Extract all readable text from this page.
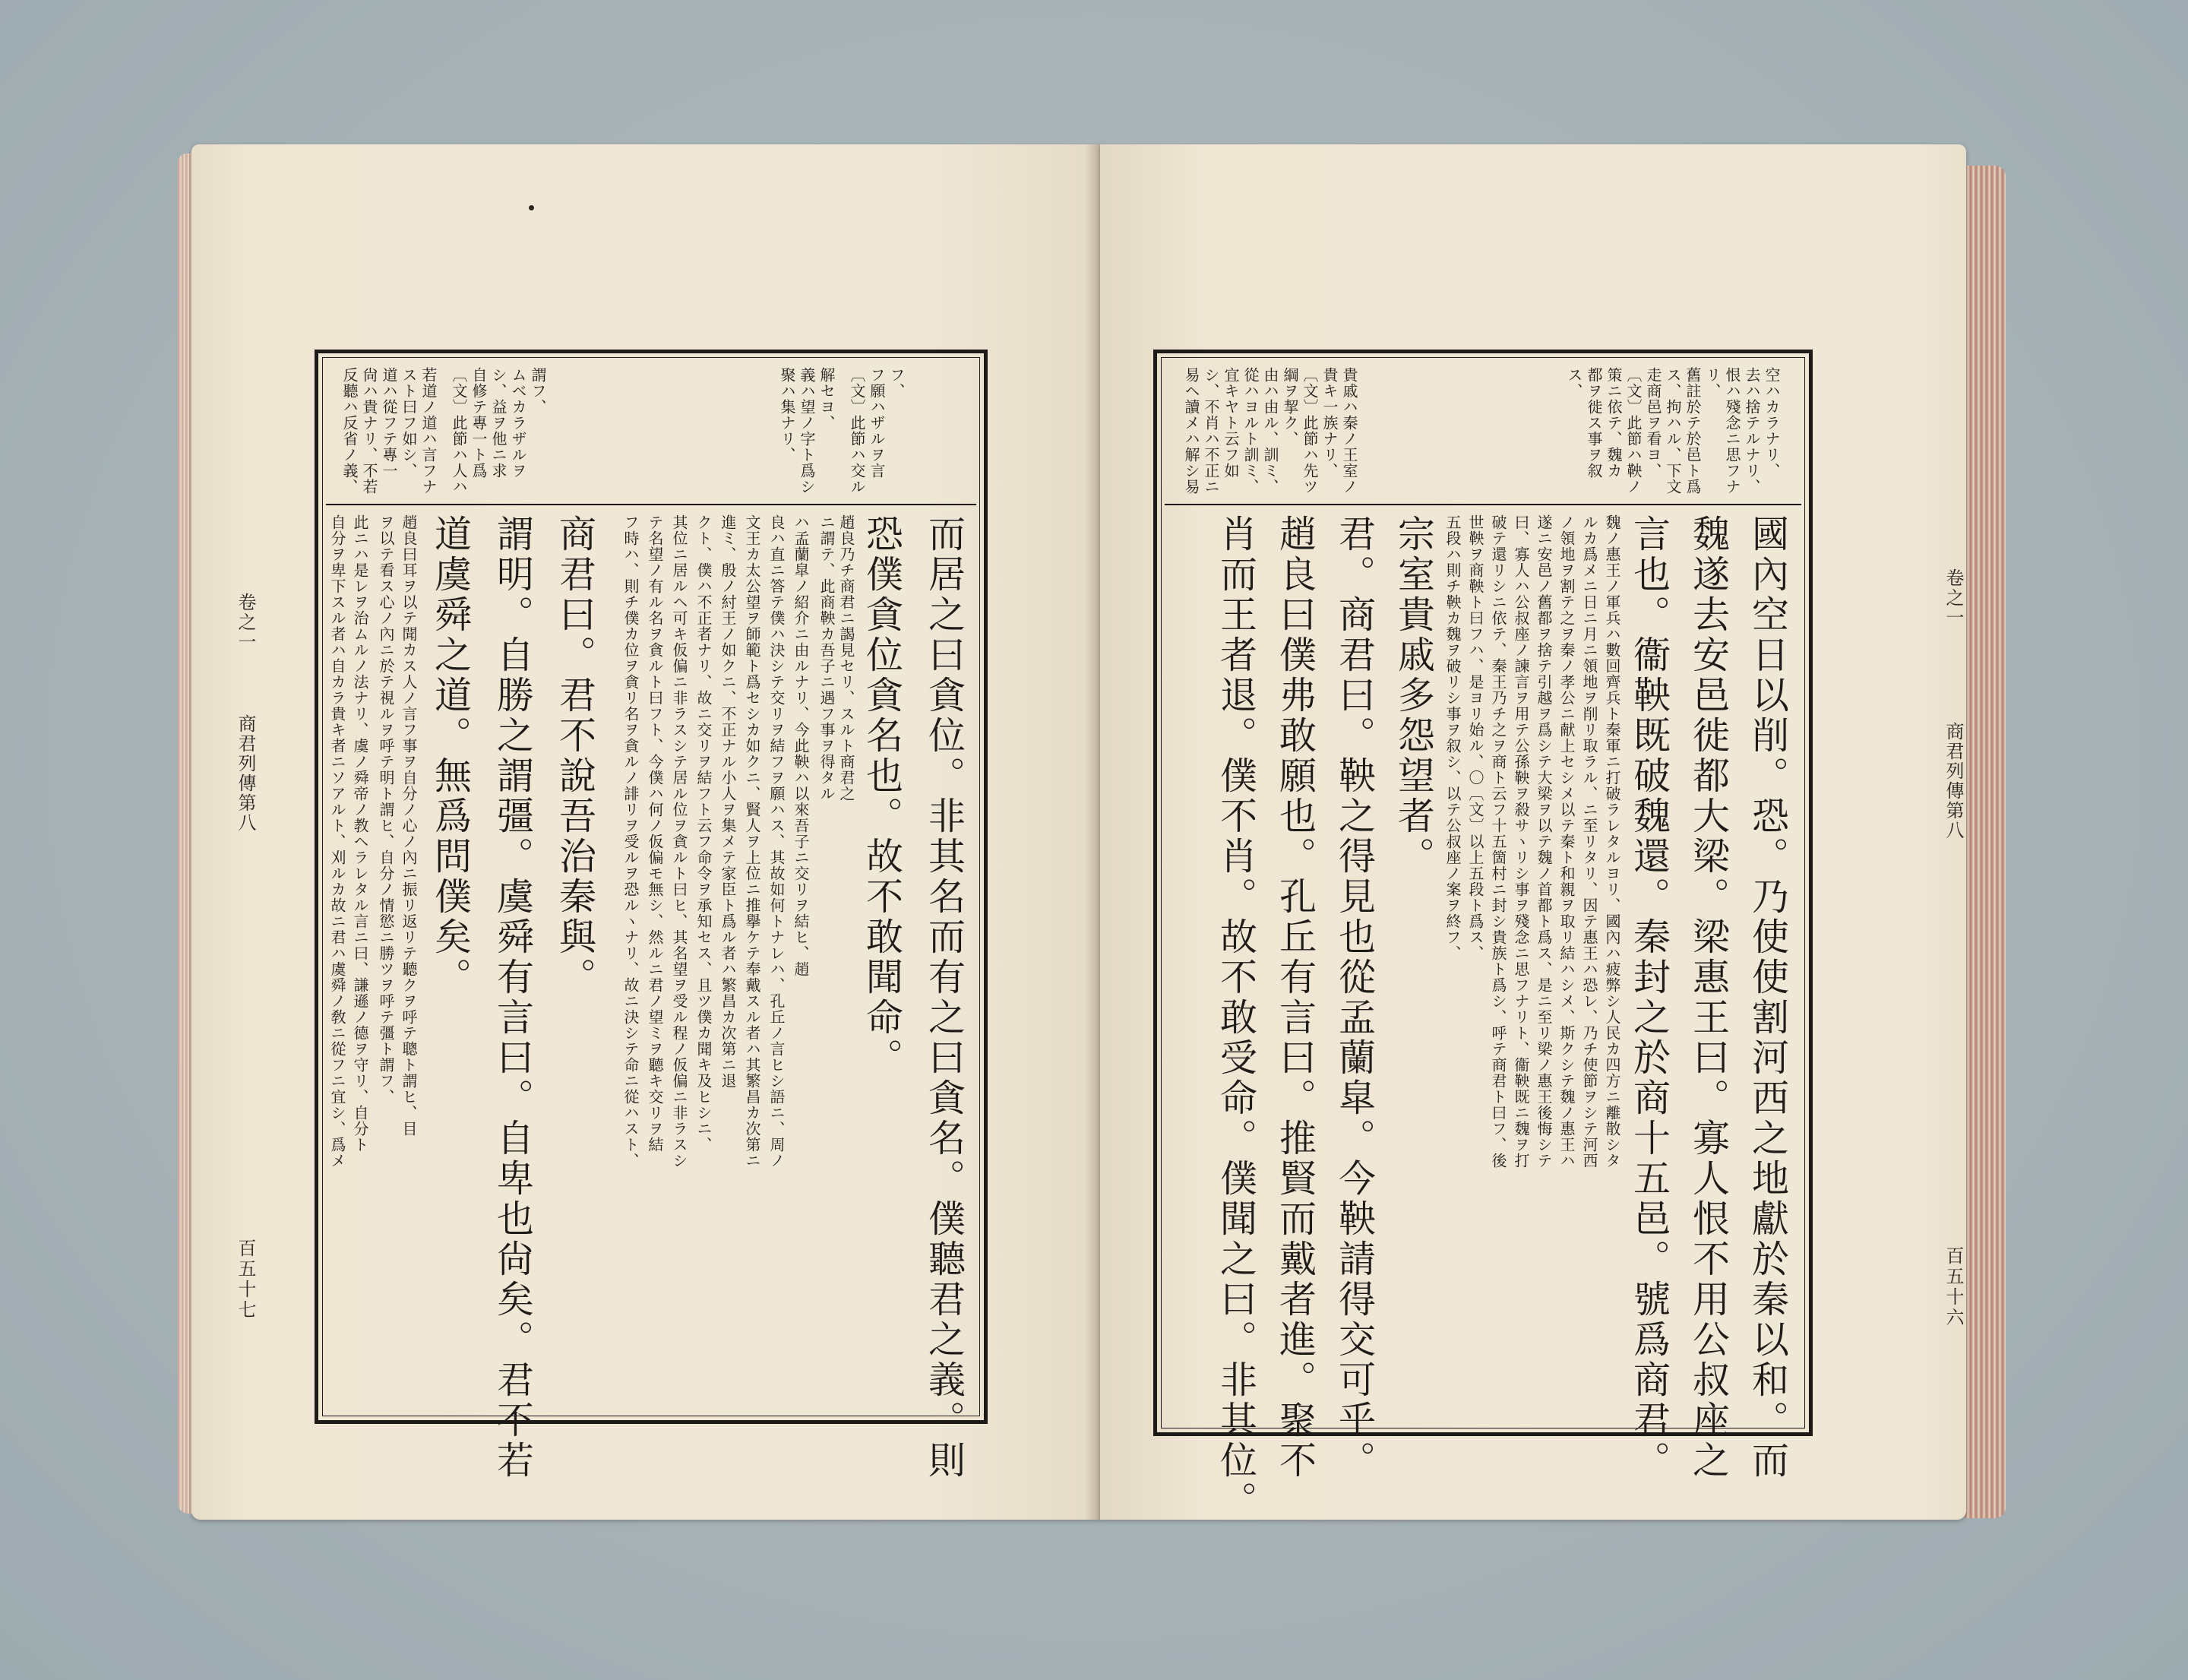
卷之一
商君列傳第八
百五十七
反聽ハ反省ノ義、 尙ハ貴ナリ、不若 道ハ從フテ專一 スト曰フ如シ、 若道ノ道ハ言フナ 〔文〕此節ハ人ハ 自修テ專一ト爲 シ、益ヲ他ニ求 ムベカラザルヲ 謂フ、	聚ハ集ナリ、 義ハ望ノ字ト爲シ 解セヨ、 〔文〕此節ハ交ル フ願ハザルヲ言 フ、
而居之曰貪位。非其名而有之曰貪名。僕聽君之義。則
恐僕貪位貪名也。故不敢聞命。
趙良乃チ商君ニ謁見セリ、スルト商君之
ニ謂テ、此商鞅カ吾子ニ遇フ事ヲ得タル
ハ孟蘭皐ノ紹介ニ由ルナリ、今此鞅ハ以來吾子ニ交リヲ結ヒ、趙
良ハ直ニ答テ僕ハ決シテ交リヲ結フヲ願ハス、其故如何トナレハ、孔丘ノ言ヒシ語ニ、周ノ
文王カ太公望ヲ師範ト爲セシカ如クニ、賢人ヲ上位ニ推擧ケテ奉戴スル者ハ其繁昌カ次第ニ
進ミ、殷ノ紂王ノ如クニ、不正ナル小人ヲ集メテ家臣ト爲ル者ハ繁昌カ次第ニ退
クト、僕ハ不正者ナリ、故ニ交リヲ結フト云フ命令ヲ承知セス、且ツ僕カ聞キ及ヒシニ、
其位ニ居ルヘ可キ仮偏ニ非ラスシテ居ル位ヲ貪ルト曰ヒ、其名望ヲ受ル程ノ仮偏ニ非ラスシ
テ名望ノ有ル名ヲ貪ルト曰フト、今僕ハ何ノ仮偏モ無シ、然ルニ君ノ望ミヲ聽キ交リヲ結
フ時ハ、則チ僕カ位ヲ貪リ名ヲ貪ルノ誹リヲ受ルヲ恐ルヽナリ、故ニ決シテ命ニ從ハスト、
商君曰。君不說吾治秦與。
謂明。自勝之謂彊。虞舜有言曰。自卑也尙矣。君不若
道虞舜之道。無爲問僕矣。
趙良曰耳ヲ以テ聞カス人ノ言フ事ヲ自分ノ心ノ內ニ振リ返リテ聽クヲ呼テ聰ト謂ヒ、目
ヲ以テ看ス心ノ內ニ於テ視ルヲ呼テ明ト謂ヒ、自分ノ情慾ニ勝ツヲ呼テ彊ト謂フ、
此ニハ是レヲ治ムルノ法ナリ、虞ノ舜帝ノ教ヘラレタル言ニ曰、謙遜ノ德ヲ守リ、自分ト
自分ヲ卑下スル者ハ自カラ貴キ者ニソアルト、刈ルカ故ニ君ハ虞舜ノ敎ニ從フニ宜シ、爲メ	卷之一
商君列傳第八
百五十六
空ハカラナリ、
去ハ捨テルナリ、
恨ハ殘念ニ思フナ
リ、
舊註於テ於邑ト爲
ス、拘ハル、下文
走商邑ヲ看ヨ、
〔文〕此節ハ鞅ノ
策ニ依テ、魏カ
都ヲ徙ス事ヲ叙
ス、
貴戚ハ秦ノ王室ノ
貴キ一族ナリ、
〔文〕此節ハ先ツ
綱ヲ挈ク、
由ハ由ル、訓ミ、
從ハヨルト訓ミ、
宜キヤト云フ如
シ、不肖ハ不正ニ
易ヘ讀メハ解シ易
國內空日以削。恐。乃使使割河西之地獻於秦以和。而
魏遂去安邑徙都大梁。梁惠王曰。寡人恨不用公叔座之
言也。衞鞅既破魏還。秦封之於商十五邑。號爲商君。
魏ノ惠王ノ軍兵ハ數回齊兵ト秦軍ニ打破ラレタルヨリ、國內ハ疲弊シ人民カ四方ニ離散シタ
ルカ爲メニ日ニ月ニ領地ヲ削リ取ラル、ニ至リタリ、因テ惠王ハ恐レ、乃チ使節ヲシテ河西
ノ領地ヲ割テ之ヲ秦ノ孝公ニ献上セシメ以テ秦ト和親ヲ取リ結ハシメ、斯クシテ魏ノ惠王ハ
遂ニ安邑ノ舊都ヲ捨テ引越ヲ爲シテ大梁ヲ以テ魏ノ首都ト爲ス、是ニ至リ梁ノ惠王後悔シテ
曰、寡人ハ公叔座ノ諫言ヲ用テ公孫鞅ヲ殺サヽリシ事ヲ殘念ニ思フナリト、衞鞅既ニ魏ヲ打
破テ還リシニ依テ、秦王乃チ之ヲ商ト云フ十五箇村ニ封シ貴族ト爲シ、呼テ商君ト曰フ、後
世鞅ヲ商鞅ト曰フハ、是ヨリ始ル、〇〔文〕以上五段ト爲ス、
五段ハ則チ鞅カ魏ヲ破リシ事ヲ叙シ、以テ公叔座ノ案ヲ終フ、
宗室貴戚多怨望者。
君。商君曰。鞅之得見也從孟蘭皐。今鞅請得交可乎。
趙良曰僕弗敢願也。孔丘有言曰。推賢而戴者進。聚不
肖而王者退。僕不肖。故不敢受命。僕聞之曰。非其位。
